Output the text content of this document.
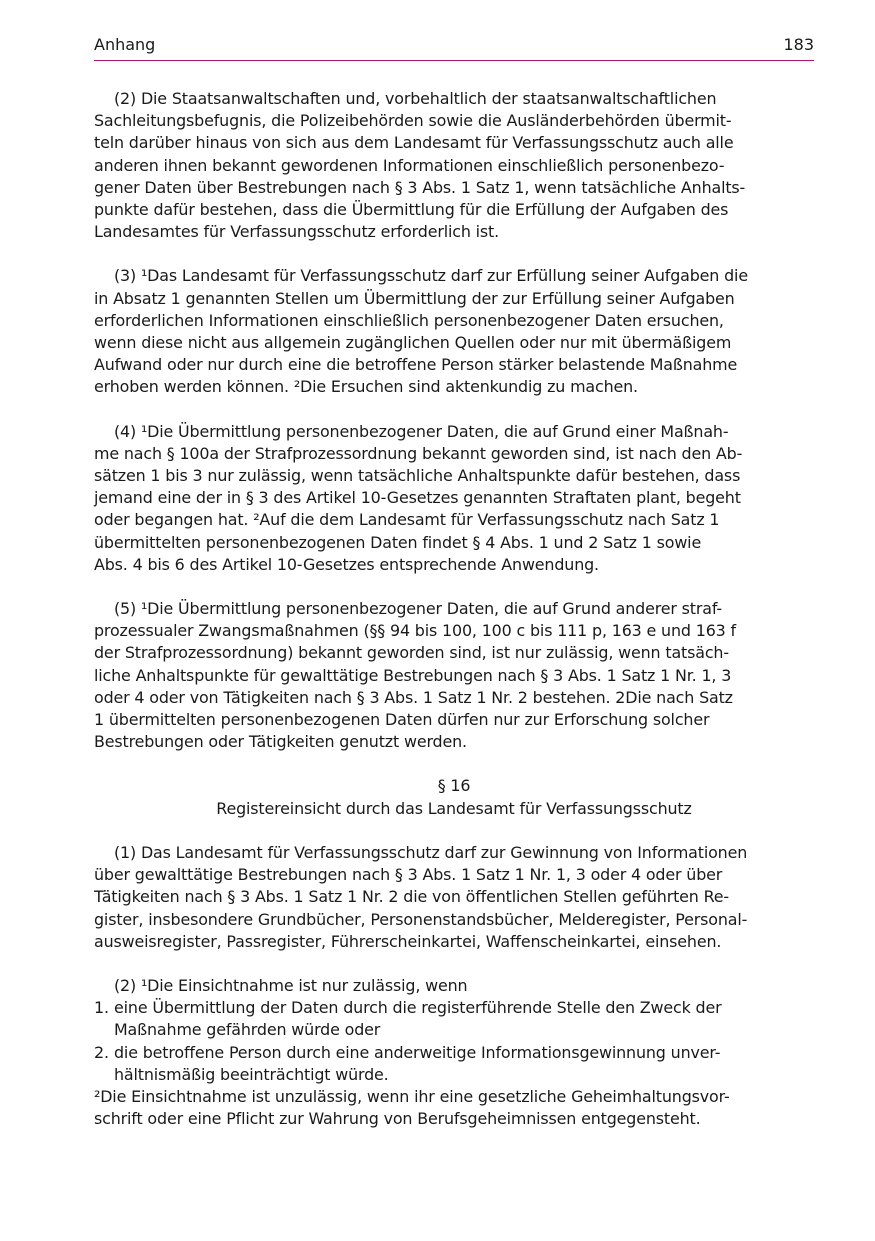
Anhang	183
(2) Die Staatsanwaltschaften und, vorbehaltlich der staatsanwaltschaftlichen
Sachleitungsbefugnis, die Polizeibehörden sowie die Ausländerbehörden übermit-
teln darüber hinaus von sich aus dem Landesamt für Verfassungsschutz auch alle
anderen ihnen bekannt gewordenen Informationen einschließlich personenbezo-
gener Daten über Bestrebungen nach § 3 Abs. 1 Satz 1, wenn tatsächliche Anhalts-
punkte dafür bestehen, dass die Übermittlung für die Erfüllung der Aufgaben des
Landesamtes für Verfassungsschutz erforderlich ist.
(3) ¹Das Landesamt für Verfassungsschutz darf zur Erfüllung seiner Aufgaben die
in Absatz 1 genannten Stellen um Übermittlung der zur Erfüllung seiner Aufgaben
erforderlichen Informationen einschließlich personenbezogener Daten ersuchen,
wenn diese nicht aus allgemein zugänglichen Quellen oder nur mit übermäßigem
Aufwand oder nur durch eine die betroffene Person stärker belastende Maßnahme
erhoben werden können. ²Die Ersuchen sind aktenkundig zu machen.
(4) ¹Die Übermittlung personenbezogener Daten, die auf Grund einer Maßnah-
me nach § 100a der Strafprozessordnung bekannt geworden sind, ist nach den Ab-
sätzen 1 bis 3 nur zulässig, wenn tatsächliche Anhaltspunkte dafür bestehen, dass
jemand eine der in § 3 des Artikel 10-Gesetzes genannten Straftaten plant, begeht
oder begangen hat. ²Auf die dem Landesamt für Verfassungsschutz nach Satz 1
übermittelten personenbezogenen Daten findet § 4 Abs. 1 und 2 Satz 1 sowie
Abs. 4 bis 6 des Artikel 10-Gesetzes entsprechende Anwendung.
(5) ¹Die Übermittlung personenbezogener Daten, die auf Grund anderer straf-
prozessualer Zwangsmaßnahmen (§§ 94 bis 100, 100 c bis 111 p, 163 e und 163 f
der Strafprozessordnung) bekannt geworden sind, ist nur zulässig, wenn tatsäch-
liche Anhaltspunkte für gewalttätige Bestrebungen nach § 3 Abs. 1 Satz 1 Nr. 1, 3
oder 4 oder von Tätigkeiten nach § 3 Abs. 1 Satz 1 Nr. 2 bestehen. 2Die nach Satz
1 übermittelten personenbezogenen Daten dürfen nur zur Erforschung solcher
Bestrebungen oder Tätigkeiten genutzt werden.
§ 16
Registereinsicht durch das Landesamt für Verfassungsschutz
(1) Das Landesamt für Verfassungsschutz darf zur Gewinnung von Informationen
über gewalttätige Bestrebungen nach § 3 Abs. 1 Satz 1 Nr. 1, 3 oder 4 oder über
Tätigkeiten nach § 3 Abs. 1 Satz 1 Nr. 2 die von öffentlichen Stellen geführten Re-
gister, insbesondere Grundbücher, Personenstandsbücher, Melderegister, Personal-
ausweisregister, Passregister, Führerscheinkartei, Waffenscheinkartei, einsehen.
(2) ¹Die Einsichtnahme ist nur zulässig, wenn
1. eine Übermittlung der Daten durch die registerführende Stelle den Zweck der
Maßnahme gefährden würde oder
2. die betroffene Person durch eine anderweitige Informationsgewinnung unver-
hältnismäßig beeinträchtigt würde.
²Die Einsichtnahme ist unzulässig, wenn ihr eine gesetzliche Geheimhaltungsvor-
schrift oder eine Pflicht zur Wahrung von Berufsgeheimnissen entgegensteht.
